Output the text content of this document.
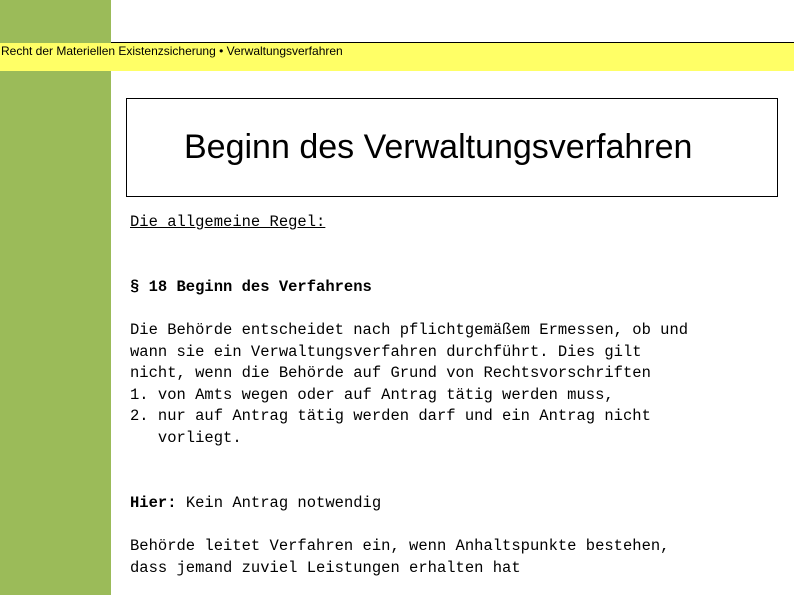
Recht der Materiellen Existenzsicherung • Verwaltungsverfahren
Beginn des Verwaltungsverfahren
Die allgemeine Regel:
§ 18 Beginn des Verfahrens
Die Behörde entscheidet nach pflichtgemäßem Ermessen, ob und
wann sie ein Verwaltungsverfahren durchführt. Dies gilt
nicht, wenn die Behörde auf Grund von Rechtsvorschriften
1. von Amts wegen oder auf Antrag tätig werden muss,
2. nur auf Antrag tätig werden darf und ein Antrag nicht
vorliegt.
Hier: Kein Antrag notwendig
Behörde leitet Verfahren ein, wenn Anhaltspunkte bestehen,
dass jemand zuviel Leistungen erhalten hat
